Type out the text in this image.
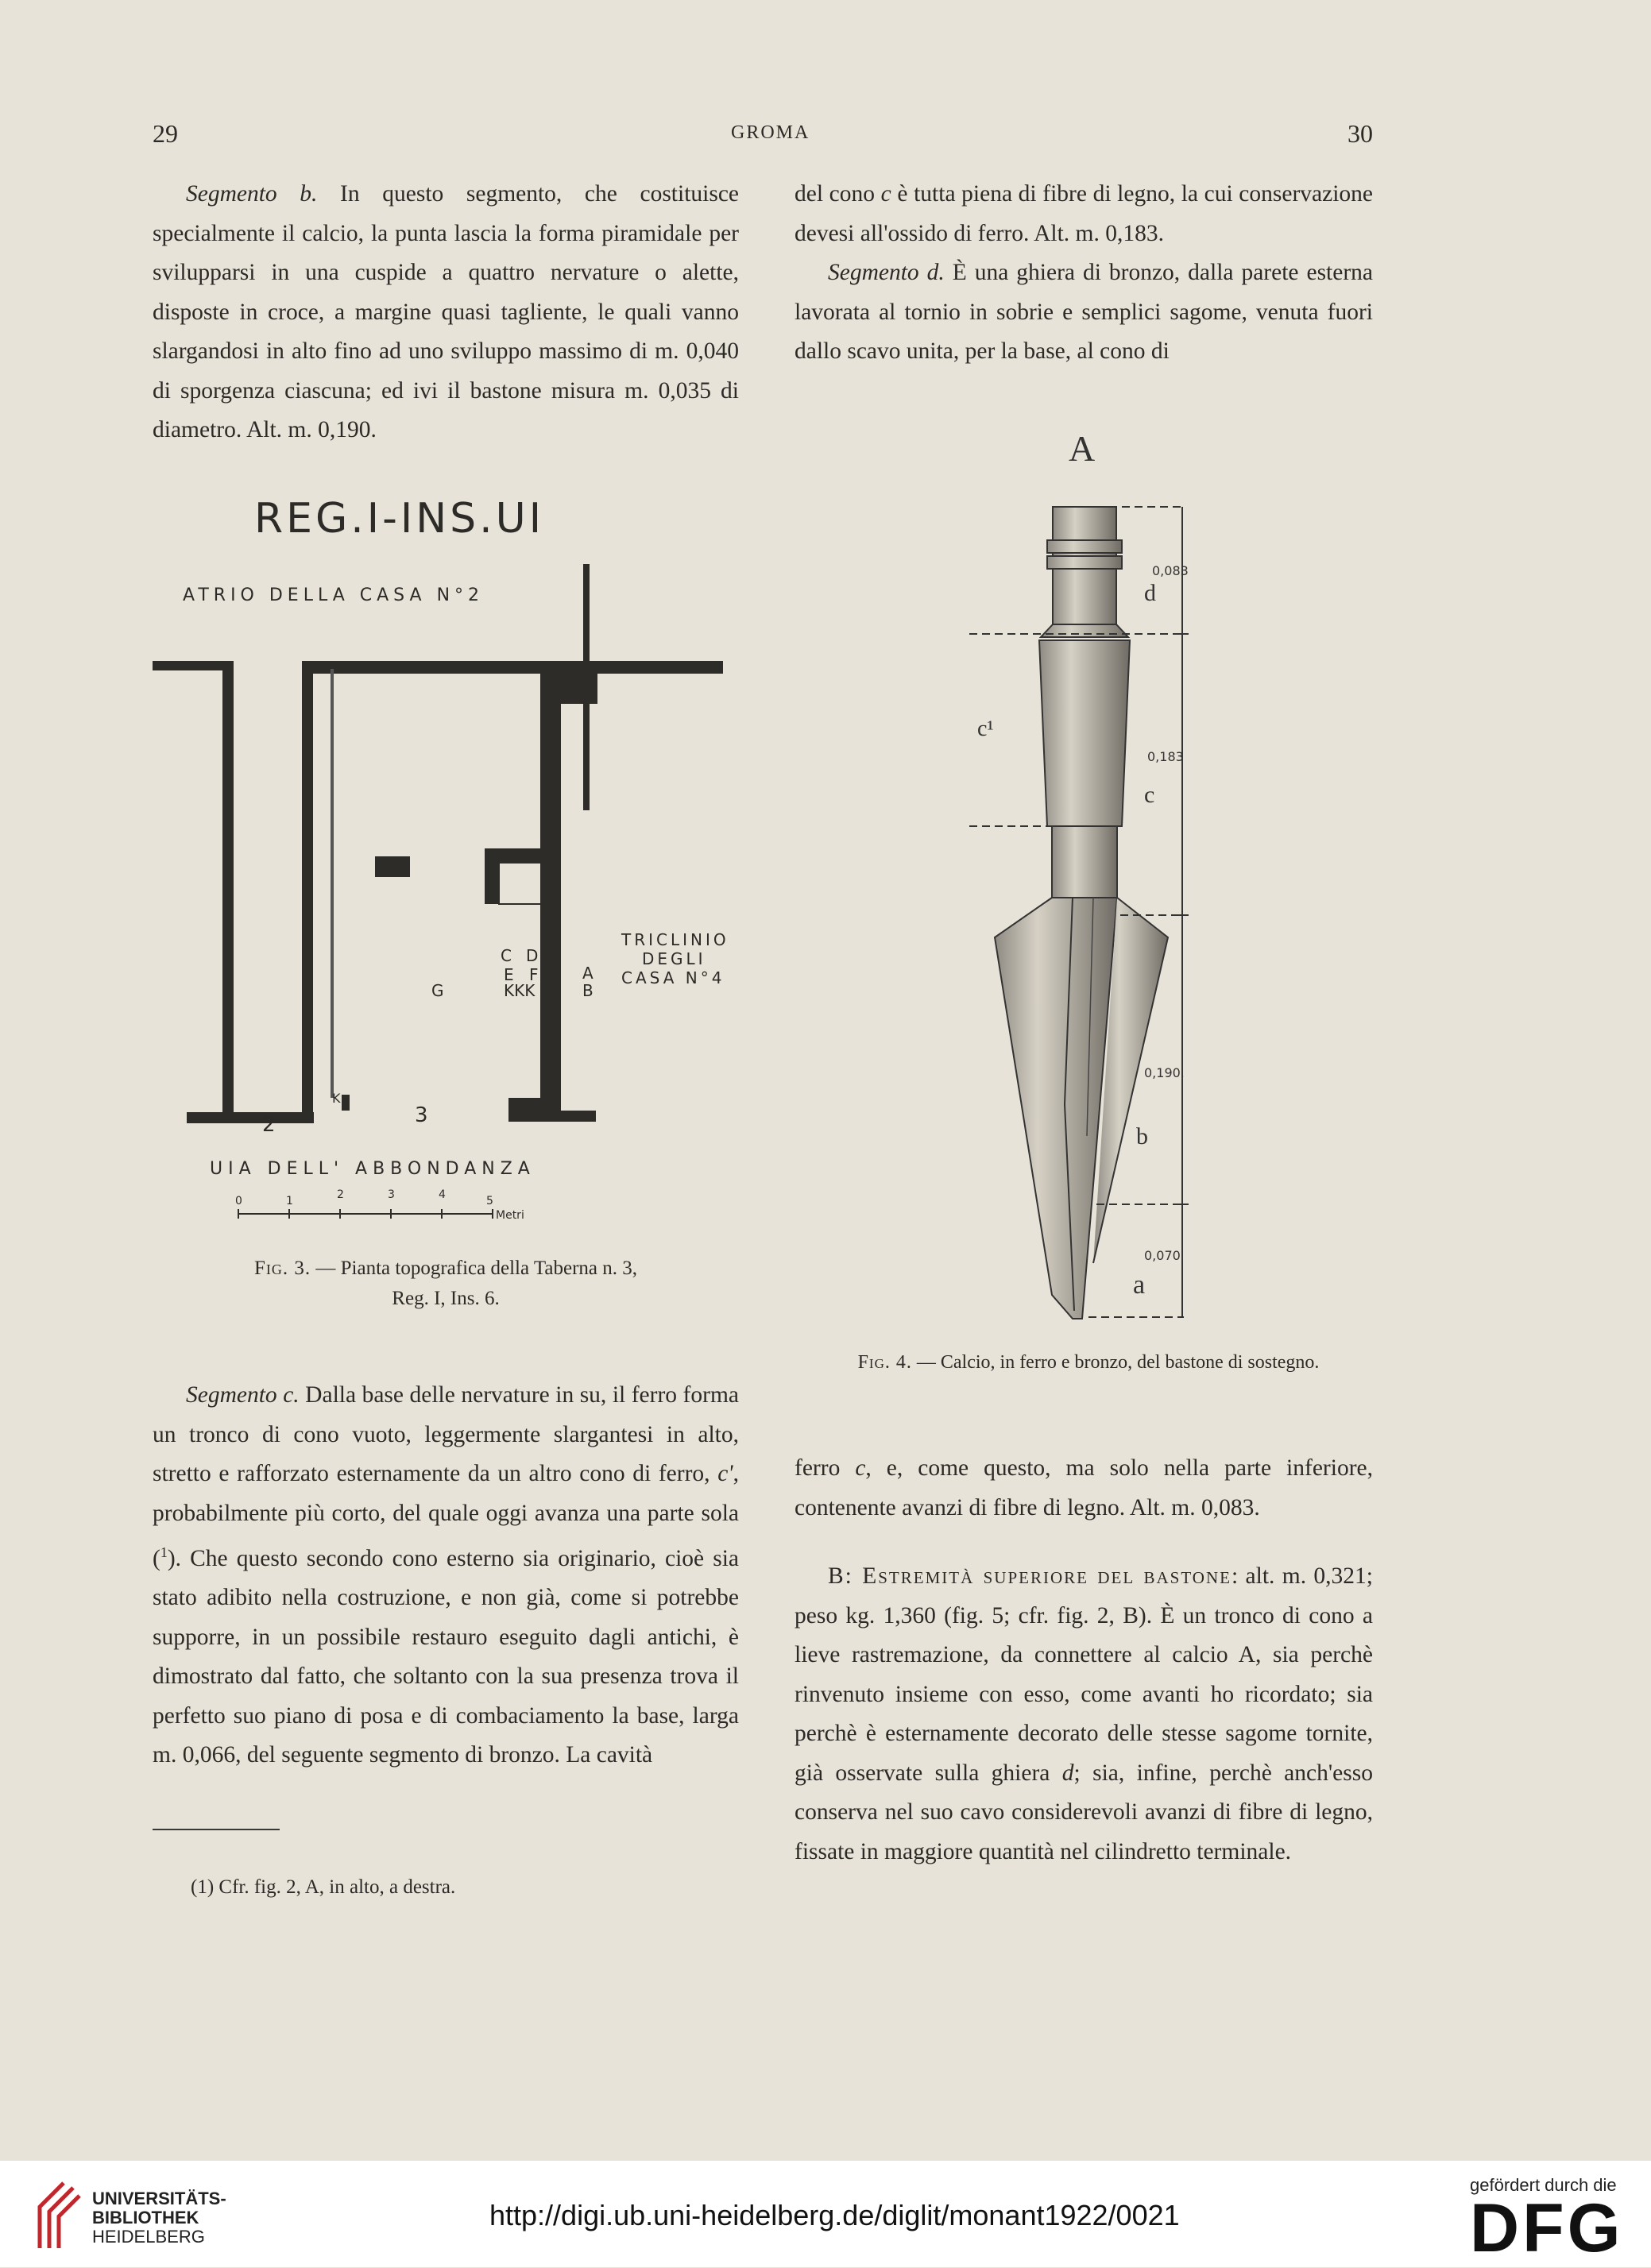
29	GROMA	30

Segmento b. In questo segmento, che costituisce specialmente il calcio, la punta lascia la forma piramidale per svilupparsi in una cuspide a quattro nervature o alette, disposte in croce, a margine quasi tagliente, le quali vanno slargandosi in alto fino ad uno sviluppo massimo di m. 0,040 di sporgenza ciascuna; ed ivi il bastone misura m. 0,035 di diametro. Alt. m. 0,190.

REG.I-INS.UI
ATRIO DELLA CASA N°2
C D
E F	A
G	KKK	B
K
2	3
TRICLINIO
DEGLI
CASA N°4
UIA DELL' ABBONDANZA
0	1	2	3	4	5
Metri
Fig. 3. — Pianta topografica della Taberna n. 3,
Reg. I, Ins. 6.

Segmento c. Dalla base delle nervature in su, il ferro forma un tronco di cono vuoto, leggermente slargantesi in alto, stretto e rafforzato esternamente da un altro cono di ferro, c', probabilmente più corto, del quale oggi avanza una parte sola ($^1$). Che questo secondo cono esterno sia originario, cioè sia stato adibito nella costruzione, e non già, come si potrebbe supporre, in un possibile restauro eseguito dagli antichi, è dimostrato dal fatto, che soltanto con la sua presenza trova il perfetto suo piano di posa e di combaciamento la base, larga m. 0,066, del seguente segmento di bronzo. La cavità

(1) Cfr. fig. 2, A, in alto, a destra.

del cono c è tutta piena di fibre di legno, la cui conservazione devesi all'ossido di ferro. Alt. m. 0,183.

Segmento d. È una ghiera di bronzo, dalla parete esterna lavorata al tornio in sobrie e semplici sagome, venuta fuori dallo scavo unita, per la base, al cono di

A
d
c
c¹
b
a
0,083
0,183
0,190.
0,070
Fig. 4. — Calcio, in ferro e bronzo, del bastone di sostegno.

ferro c, e, come questo, ma solo nella parte inferiore, contenente avanzi di fibre di legno. Alt. m. 0,083.

B: Estremità superiore del bastone: alt. m. 0,321; peso kg. 1,360 (fig. 5; cfr. fig. 2, B). È un tronco di cono a lieve rastremazione, da connettere al calcio A, sia perchè rinvenuto insieme con esso, come avanti ho ricordato; sia perchè è esternamente decorato delle stesse sagome tornite, già osservate sulla ghiera d; sia, infine, perchè anch'esso conserva nel suo cavo considerevoli avanzi di fibre di legno, fissate in maggiore quantità nel cilindretto terminale.

UNIVERSITÄTS-
BIBLIOTHEK
HEIDELBERG
http://digi.ub.uni-heidelberg.de/diglit/monant1922/0021
gefördert durch die
DFG
